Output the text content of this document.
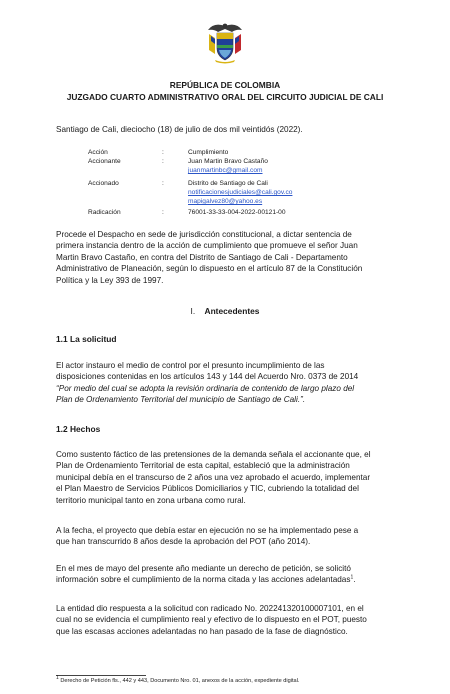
REPÚBLICA DE COLOMBIA
JUZGADO CUARTO ADMINISTRATIVO ORAL DEL CIRCUITO JUDICIAL DE CALI
Santiago de Cali, dieciocho (18) de julio de dos mil veintidós (2022).
Acción	:	Cumplimiento
Accionante	:	Juan Martin Bravo Castaño
juanmartinbc@gmail.com
Accionado	:	Distrito de Santiago de Cali
notificacionesjudiciales@cali.gov.co
mapigalvez80@yahoo.es
Radicación	:	76001-33-33-004-2022-00121-00
Procede el Despacho en sede de jurisdicción constitucional, a dictar sentencia de
primera instancia dentro de la acción de cumplimiento que promueve el señor Juan
Martin Bravo Castaño, en contra del Distrito de Santiago de Cali - Departamento
Administrativo de Planeación, según lo dispuesto en el artículo 87 de la Constitución
Política y la Ley 393 de 1997.
I. Antecedentes
1.1 La solicitud
El actor instauro el medio de control por el presunto incumplimiento de las
disposiciones contenidas en los artículos 143 y 144 del Acuerdo Nro. 0373 de 2014
“Por medio del cual se adopta la revisión ordinaria de contenido de largo plazo del
Plan de Ordenamiento Territorial del municipio de Santiago de Cali.”.
1.2 Hechos
Como sustento fáctico de las pretensiones de la demanda señala el accionante que, el
Plan de Ordenamiento Territorial de esta capital, estableció que la administración
municipal debía en el transcurso de 2 años una vez aprobado el acuerdo, implementar
el Plan Maestro de Servicios Públicos Domiciliarios y TIC, cubriendo la totalidad del
territorio municipal tanto en zona urbana como rural.
A la fecha, el proyecto que debía estar en ejecución no se ha implementado pese a
que han transcurrido 8 años desde la aprobación del POT (año 2014).
En el mes de mayo del presente año mediante un derecho de petición, se solicitó
información sobre el cumplimiento de la norma citada y las acciones adelantadas$^1$.
La entidad dio respuesta a la solicitud con radicado No. 202241320100007101, en el
cual no se evidencia el cumplimiento real y efectivo de lo dispuesto en el POT, puesto
que las escasas acciones adelantadas no han pasado de la fase de diagnóstico.
1 Derecho de Petición fls., 442 y 443, Documento Nro. 01, anexos de la acción, expediente digital.
